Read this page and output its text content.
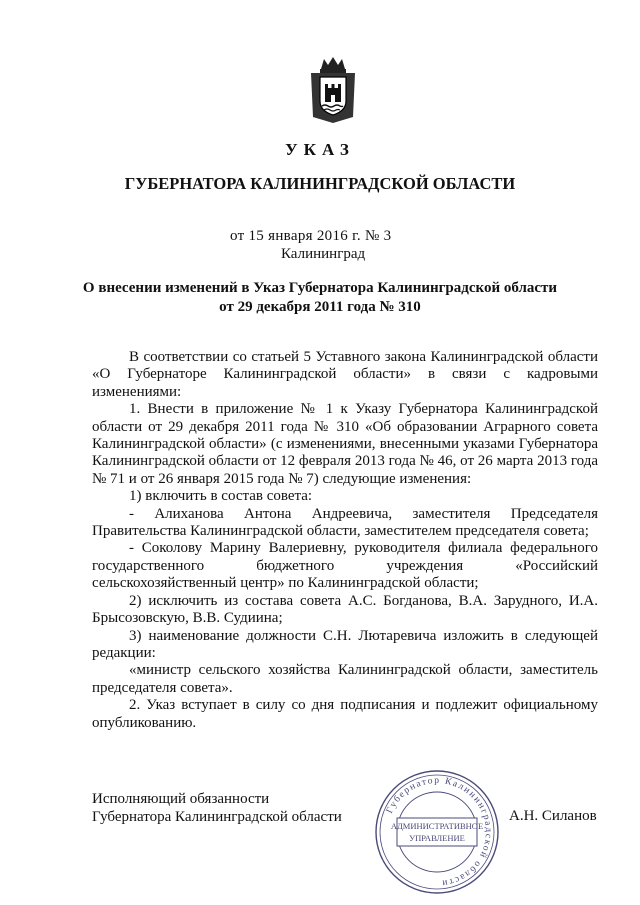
УКАЗ
ГУБЕРНАТОРА КАЛИНИНГРАДСКОЙ ОБЛАСТИ
от 15 января 2016 г. № 3
Калининград
О внесении изменений в Указ Губернатора Калининградской области
от 29 декабря 2011 года № 310

В соответствии со статьей 5 Уставного закона Калининградской области «О Губернаторе Калининградской области» в связи с кадровыми изменениями:

1. Внести в приложение № 1 к Указу Губернатора Калининградской области от 29 декабря 2011 года № 310 «Об образовании Аграрного совета Калининградской области» (с изменениями, внесенными указами Губернатора Калининградской области от 12 февраля 2013 года № 46, от 26 марта 2013 года № 71 и от 26 января 2015 года № 7) следующие изменения:

1) включить в состав совета:

- Алиханова Антона Андреевича, заместителя Председателя Правительства Калининградской области, заместителем председателя совета;

- Соколову Марину Валериевну, руководителя филиала федерального государственного бюджетного учреждения «Российский сельскохозяйственный центр» по Калининградской области;

2) исключить из состава совета А.С. Богданова, В.А. Зарудного, И.А. Брысозовскую, В.В. Судиина;

3) наименование должности С.Н. Лютаревича изложить в следующей редакции:

«министр сельского хозяйства Калининградской области, заместитель председателя совета».

2. Указ вступает в силу со дня подписания и подлежит официальному опубликованию.

Исполняющий обязанности
Губернатора Калининградской области	Губернатор Калининградской области
АДМИНИСТРАТИВНОЕ
УПРАВЛЕНИЕ
А.Н. Силанов
